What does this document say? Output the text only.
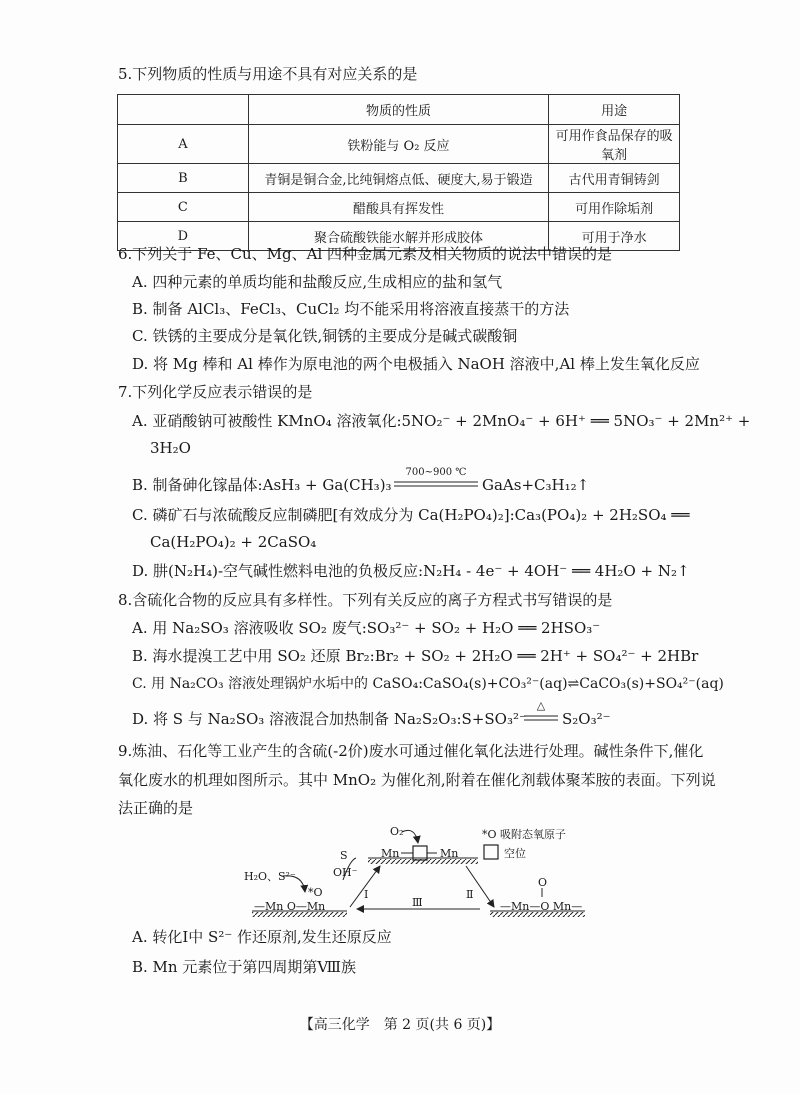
5.下列物质的性质与用途不具有对应关系的是
	物质的性质	用途
A	铁粉能与 O₂ 反应	可用作食品保存的吸氧剂
B	青铜是铜合金,比纯铜熔点低、硬度大,易于锻造	古代用青铜铸剑
C	醋酸具有挥发性	可用作除垢剂
D	聚合硫酸铁能水解并形成胶体	可用于净水
6.下列关于 Fe、Cu、Mg、Al 四种金属元素及相关物质的说法中错误的是
A. 四种元素的单质均能和盐酸反应,生成相应的盐和氢气
B. 制备 AlCl₃、FeCl₃、CuCl₂ 均不能采用将溶液直接蒸干的方法
C. 铁锈的主要成分是氧化铁,铜锈的主要成分是碱式碳酸铜
D. 将 Mg 棒和 Al 棒作为原电池的两个电极插入 NaOH 溶液中,Al 棒上发生氧化反应
7.下列化学反应表示错误的是
A. 亚硝酸钠可被酸性 KMnO₄ 溶液氧化:5NO₂⁻ + 2MnO₄⁻ + 6H⁺ ══ 5NO₃⁻ + 2Mn²⁺ +
3H₂O
B. 制备砷化镓晶体:AsH₃ + Ga(CH₃)₃
700~900 ℃
GaAs+C₃H₁₂↑
C. 磷矿石与浓硫酸反应制磷肥[有效成分为 Ca(H₂PO₄)₂]:Ca₃(PO₄)₂ + 2H₂SO₄ ══
Ca(H₂PO₄)₂ + 2CaSO₄
D. 肼(N₂H₄)-空气碱性燃料电池的负极反应:N₂H₄ - 4e⁻ + 4OH⁻ ══ 4H₂O + N₂↑
8.含硫化合物的反应具有多样性。下列有关反应的离子方程式书写错误的是
A. 用 Na₂SO₃ 溶液吸收 SO₂ 废气:SO₃²⁻ + SO₂ + H₂O ══ 2HSO₃⁻
B. 海水提溴工艺中用 SO₂ 还原 Br₂:Br₂ + SO₂ + 2H₂O ══ 2H⁺ + SO₄²⁻ + 2HBr
C. 用 Na₂CO₃ 溶液处理锅炉水垢中的 CaSO₄:CaSO₄(s)+CO₃²⁻(aq)⇌CaCO₃(s)+SO₄²⁻(aq)
D. 将 S 与 Na₂SO₃ 溶液混合加热制备 Na₂S₂O₃:S+SO₃²⁻
△
S₂O₃²⁻
9.炼油、石化等工业产生的含硫(-2价)废水可通过催化氧化法进行处理。碱性条件下,催化
氧化废水的机理如图所示。其中 MnO₂ 为催化剂,附着在催化剂载体聚苯胺的表面。下列说
法正确的是
*O 吸附态氧原子
空位
O₂
S
OH⁻
H₂O、S²⁻
*O
Mn	Mn
—Mn O—Mn	—Mn—O Mn—
O
Ⅰ	Ⅱ
Ⅲ
A. 转化Ⅰ中 S²⁻ 作还原剂,发生还原反应
B. Mn 元素位于第四周期第Ⅷ族
【高三化学　第 2 页(共 6 页)】
